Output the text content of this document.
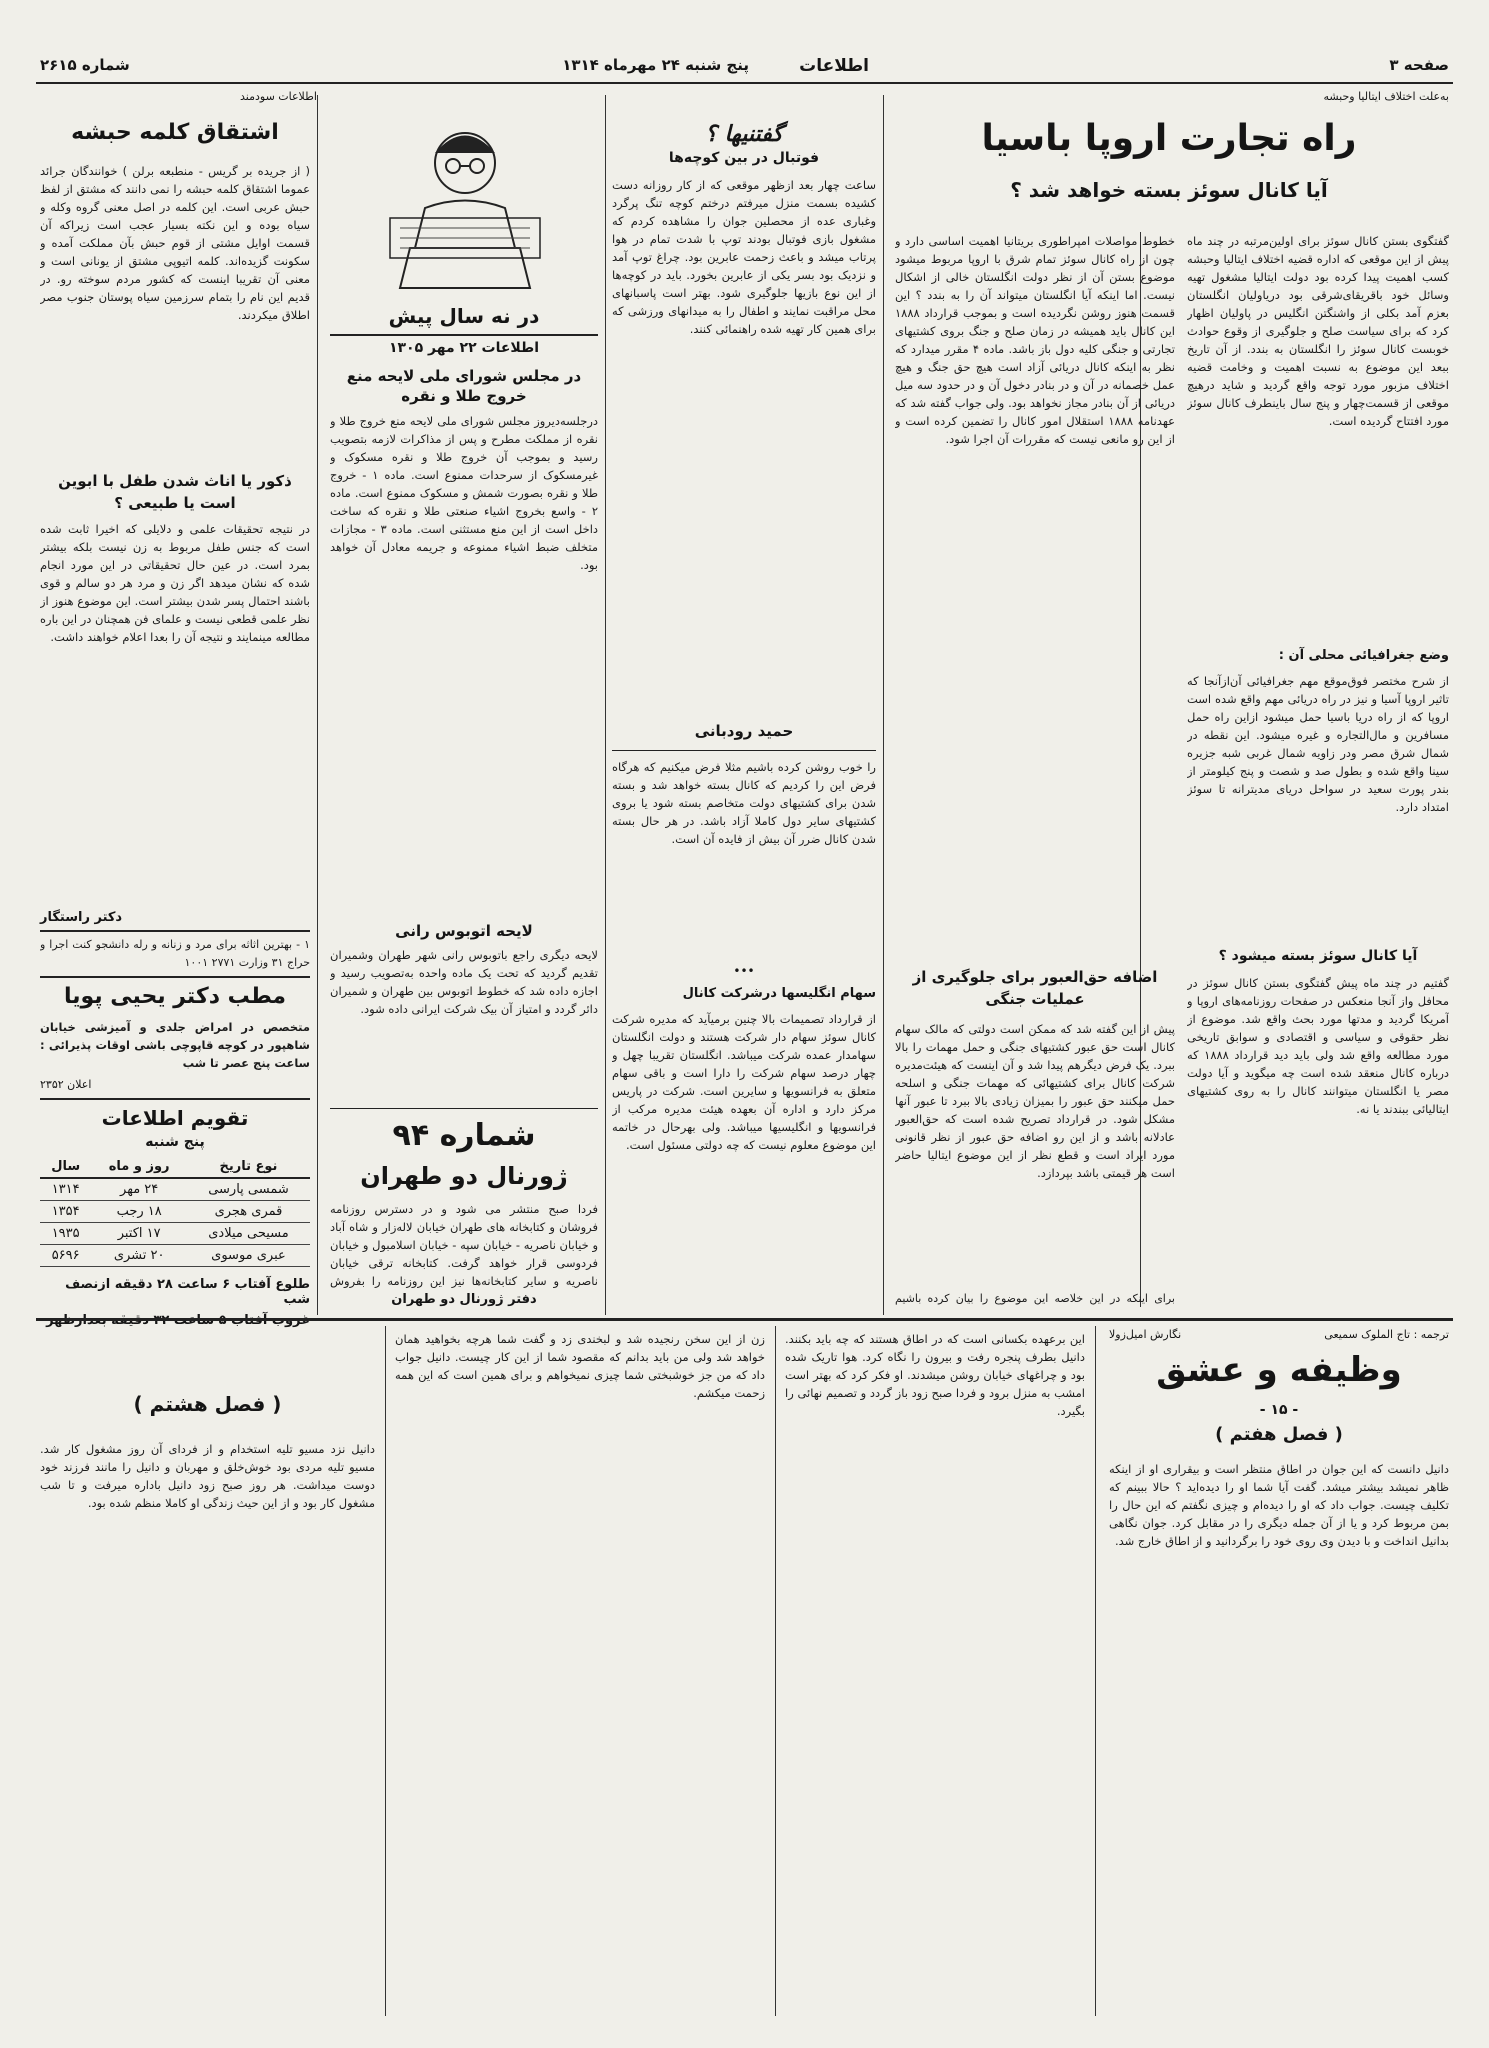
صفحه ۳
اطلاعات
پنج شنبه ۲۴ مهرماه ۱۳۱۴
شماره ۲۶۱۵
به‌علت اختلاف ایتالیا وحبشه
اطلاعات سودمند
راه تجارت اروپا باسیا
آیا کانال سوئز بسته خواهد شد ؟
گفتگوی بستن کانال سوئز برای اولین‌مرتبه در چند ماه پیش از این موقعی که اداره قضیه اختلاف ایتالیا وحبشه کسب اهمیت پیدا کرده بود دولت ایتالیا مشغول تهیه وسائل خود باقریقای‌شرقی بود دریاولیان انگلستان بعزم آمد بکلی از واشنگتن انگلیس در پاولیان اظهار کرد که برای سیاست صلح و جلوگیری از وقوع حوادث خوبست کانال سوئز را انگلستان به بندد. از آن تاریخ ببعد این موضوع به نسبت اهمیت و وخامت قضیه اختلاف مزبور مورد توجه واقع گردید و شاید درهیچ موقعی از قسمت‌چهار و پنج سال باینطرف کانال سوئز مورد افتتاح گردیده است.
وضع جغرافیائی محلی آن :
از شرح مختصر فوق‌موقع مهم جغرافیائی آن‌ازآنجا که تاثیر اروپا آسیا و نیز در راه دریائی مهم واقع شده است اروپا که از راه دریا باسیا حمل میشود ازاین راه حمل مسافرین و مال‌التجاره و غیره میشود. این نقطه در شمال شرق مصر ودر زاویه شمال غربی شبه جزیره سینا واقع شده و بطول صد و شصت و پنج کیلومتر از بندر پورت سعید در سواحل دریای مدیترانه تا سوئز امتداد دارد.
آیا کانال سوئز بسته میشود ؟
گفتیم در چند ماه پیش گفتگوی بستن کانال سوئز در محافل واز آنجا منعکس در صفحات روزنامه‌های اروپا و آمریکا گردید و مدتها مورد بحث واقع شد. موضوع از نظر حقوقی و سیاسی و اقتصادی و سوابق تاریخی مورد مطالعه واقع شد ولی باید دید قرارداد ۱۸۸۸ که درباره کانال منعقد شده است چه میگوید و آیا دولت مصر یا انگلستان میتوانند کانال را به روی کشتیهای ایتالیائی ببندند یا نه.
خطوط مواصلات امپراطوری بریتانیا اهمیت اساسی دارد و چون از راه کانال سوئز تمام شرق با اروپا مربوط میشود موضوع بستن آن از نظر دولت انگلستان خالی از اشکال نیست. اما اینکه آیا انگلستان میتواند آن را به بندد ؟ این قسمت هنوز روشن نگردیده است و بموجب قرارداد ۱۸۸۸ این کانال باید همیشه در زمان صلح و جنگ بروی کشتیهای تجارتی و جنگی کلیه دول باز باشد. ماده ۴ مقرر میدارد که نظر به اینکه کانال دریائی آزاد است هیچ حق جنگ و هیچ عمل خصمانه در آن و در بنادر دخول آن و در حدود سه میل دریائی از آن بنادر مجاز نخواهد بود. ولی جواب گفته شد که عهدنامه ۱۸۸۸ استقلال امور کانال را تضمین کرده است و از این رو مانعی نیست که مقررات آن اجرا شود.
اضافه حق‌العبور برای جلوگیری از عملیات جنگی
پیش از این گفته شد که ممکن است دولتی که مالک سهام کانال است حق عبور کشتیهای جنگی و حمل مهمات را بالا ببرد. یک فرض دیگرهم پیدا شد و آن اینست که هیئت‌مدیره شرکت کانال برای کشتیهائی که مهمات جنگی و اسلحه حمل میکنند حق عبور را بمیزان زیادی بالا ببرد تا عبور آنها مشکل شود. در قرارداد تصریح شده است که حق‌العبور عادلانه باشد و از این رو اضافه حق عبور از نظر قانونی مورد ایراد است و قطع نظر از این موضوع ایتالیا حاضر است هر قیمتی باشد بپردازد.
برای اینکه در این خلاصه این موضوع را بیان کرده باشیم
گفتنیها ؟
فوتبال در بین کوچه‌ها
ساعت چهار بعد ازظهر موقعی که از کار روزانه دست کشیده بسمت منزل میرفتم درختم کوچه تنگ پرگرد وغباری عده از محصلین جوان را مشاهده کردم که مشغول بازی فوتبال بودند توپ با شدت تمام در هوا پرتاب میشد و باعث زحمت عابرین بود. چراغ توپ آمد و نزدیک بود بسر یکی از عابرین بخورد. باید در کوچه‌ها از این نوع بازیها جلوگیری شود. بهتر است پاسبانهای محل مراقبت نمایند و اطفال را به میدانهای ورزشی که برای همین کار تهیه شده راهنمائی کنند.
حمید رودبانی
را خوب روشن کرده باشیم مثلا فرض میکنیم که هرگاه فرض این را کردیم که کانال بسته خواهد شد و بسته شدن برای کشتیهای دولت متخاصم بسته شود یا بروی کشتیهای سایر دول کاملا آزاد باشد. در هر حال بسته شدن کانال ضرر آن بیش از فایده آن است.
•••
سهام‌ انگلیسها درشرکت کانال
از قرارداد تصمیمات بالا چنین برمیآید که مدیره شرکت کانال سوئز سهام دار شرکت هستند و دولت انگلستان سهامدار عمده شرکت میباشد. انگلستان تقریبا چهل و چهار درصد سهام شرکت را دارا است و باقی سهام متعلق به فرانسویها و سایرین است. شرکت در پاریس مرکز دارد و اداره آن بعهده هیئت مدیره مرکب از فرانسویها و انگلیسیها میباشد. ولی بهرحال در خاتمه این موضوع معلوم نیست که چه دولتی مسئول است.
در نه سال پیش
اطلاعات ۲۲ مهر ۱۳۰۵
در مجلس شورای ملی لایحه منع خروج طلا و نقره
درجلسه‌دیروز مجلس شورای ملی لایحه منع خروج طلا و نقره از مملکت مطرح و پس از مذاکرات لازمه بتصویب رسید و بموجب آن خروج طلا و نقره مسکوک و غیرمسکوک از سرحدات ممنوع است. ماده ۱ - خروج طلا و نقره بصورت شمش و مسکوک ممنوع است. ماده ۲ - واسع بخروج اشیاء صنعتی طلا و نقره که ساخت داخل است از این منع مستثنی است. ماده ۳ - مجازات متخلف ضبط اشیاء ممنوعه و جریمه معادل آن خواهد بود.
لایحه اتوبوس رانی
لایحه دیگری راجع باتوبوس رانی شهر طهران وشمیران تقدیم گردید که تحت یک ماده واحده به‌تصویب رسید و اجازه داده شد که خطوط اتوبوس بین طهران و شمیران دائر گردد و امتیاز آن بیک شرکت ایرانی داده شود.
شماره ۹۴
ژورنال دو طهران
فردا صبح منتشر می شود و در دسترس روزنامه فروشان و کتابخانه های طهران خیابان لاله‌زار و شاه آباد و خیابان ناصریه - خیابان سپه - خیابان اسلامبول و خیابان فردوسی قرار خواهد گرفت. کتابخانه ترقی خیابان ناصریه و سایر کتابخانه‌ها نیز این روزنامه را بفروش
دفتر ژورنال دو طهران
اشتقاق کلمه حبشه
( از جریده بر گریس - منطبعه برلن ) خوانندگان جرائد عموما اشتقاق کلمه حبشه را نمی دانند که مشتق از لفظ حبش عربی است. این کلمه در اصل معنی گروه وکله و سیاه بوده و این نکته بسیار عجب است زیراکه آن قسمت اوایل مشتی از قوم حبش بآن مملکت آمده و سکونت گزیده‌اند. کلمه اتیوپی مشتق از یونانی است و معنی آن تقریبا اینست که کشور مردم سوخته رو. در قدیم این نام را بتمام سرزمین سیاه پوستان جنوب مصر اطلاق میکردند.
ذکور یا اناث شدن طفل با ابوین است یا طبیعی ؟
در نتیجه تحقیقات علمی و دلایلی که اخیرا ثابت شده است که جنس طفل مربوط به زن نیست بلکه بیشتر بمرد است. در عین حال تحقیقاتی در این مورد انجام شده که نشان میدهد اگر زن و مرد هر دو سالم و قوی باشند احتمال پسر شدن بیشتر است. این موضوع هنوز از نظر علمی قطعی نیست و علمای فن همچنان در این باره مطالعه مینمایند و نتیجه آن را بعدا اعلام خواهند داشت.
دکتر راستگار
۱ - بهترین اثاثه برای مرد و زنانه و رله دانشجو کنت اجرا و حراج ۳۱ وزارت ۲۷۷۱ ۱۰۰۱
مطب دکتر یحیی پویا
متخصص در امراض جلدی و آمیزشی خیابان شاهپور در کوچه قاپوچی باشی اوقات پذیرائی : ساعت پنج عصر تا شب
اعلان ۲۳۵۲
تقویم اطلاعات
پنج شنبه
نوع تاریخ	روز و ماه	سال
شمسی پارسی	۲۴ مهر	۱۳۱۴
قمری هجری	۱۸ رجب	۱۳۵۴
مسیحی میلادی	۱۷ اکتبر	۱۹۳۵
عبری موسوی	۲۰ تشری	۵۶۹۶
طلوع آفتاب ۶ ساعت ۲۸ دقیقه ازنصف شب
ترجمه : تاج الملوک سمیعی
نگارش امیل‌زولا
وظیفه و عشق
- ۱۵ -
( فصل هفتم )
دانیل دانست که این جوان در اطاق منتظر است و بیقراری او از اینکه ظاهر نمیشد بیشتر میشد. گفت آیا شما او را دیده‌اید ؟ حالا ببینم که تکلیف چیست. جواب داد که او را دیده‌ام و چیزی نگفتم که این حال را بمن مربوط کرد و یا از آن جمله دیگری را در مقابل کرد. جوان نگاهی بدانیل انداخت و با دیدن وی روی خود را برگردانید و از اطاق خارج شد.
این برعهده بکسانی است که در اطاق هستند که چه باید بکنند. دانیل بطرف پنجره رفت و بیرون را نگاه کرد. هوا تاریک شده بود و چراغهای خیابان روشن میشدند. او فکر کرد که بهتر است امشب به منزل برود و فردا صبح زود باز گردد و تصمیم نهائی را بگیرد.
زن از این سخن رنجیده شد و لبخندی زد و گفت شما هرچه بخواهید همان خواهد شد ولی من باید بدانم که مقصود شما از این کار چیست. دانیل جواب داد که من جز خوشبختی شما چیزی نمیخواهم و برای همین است که این همه زحمت میکشم.
( فصل هشتم )
دانیل نزد مسیو تلیه استخدام و از فردای آن روز مشغول کار شد. مسیو تلیه مردی بود خوش‌خلق و مهربان و دانیل را مانند فرزند خود دوست میداشت. هر روز صبح زود دانیل باداره میرفت و تا شب مشغول کار بود و از این حیث زندگی او کاملا منظم شده بود.
